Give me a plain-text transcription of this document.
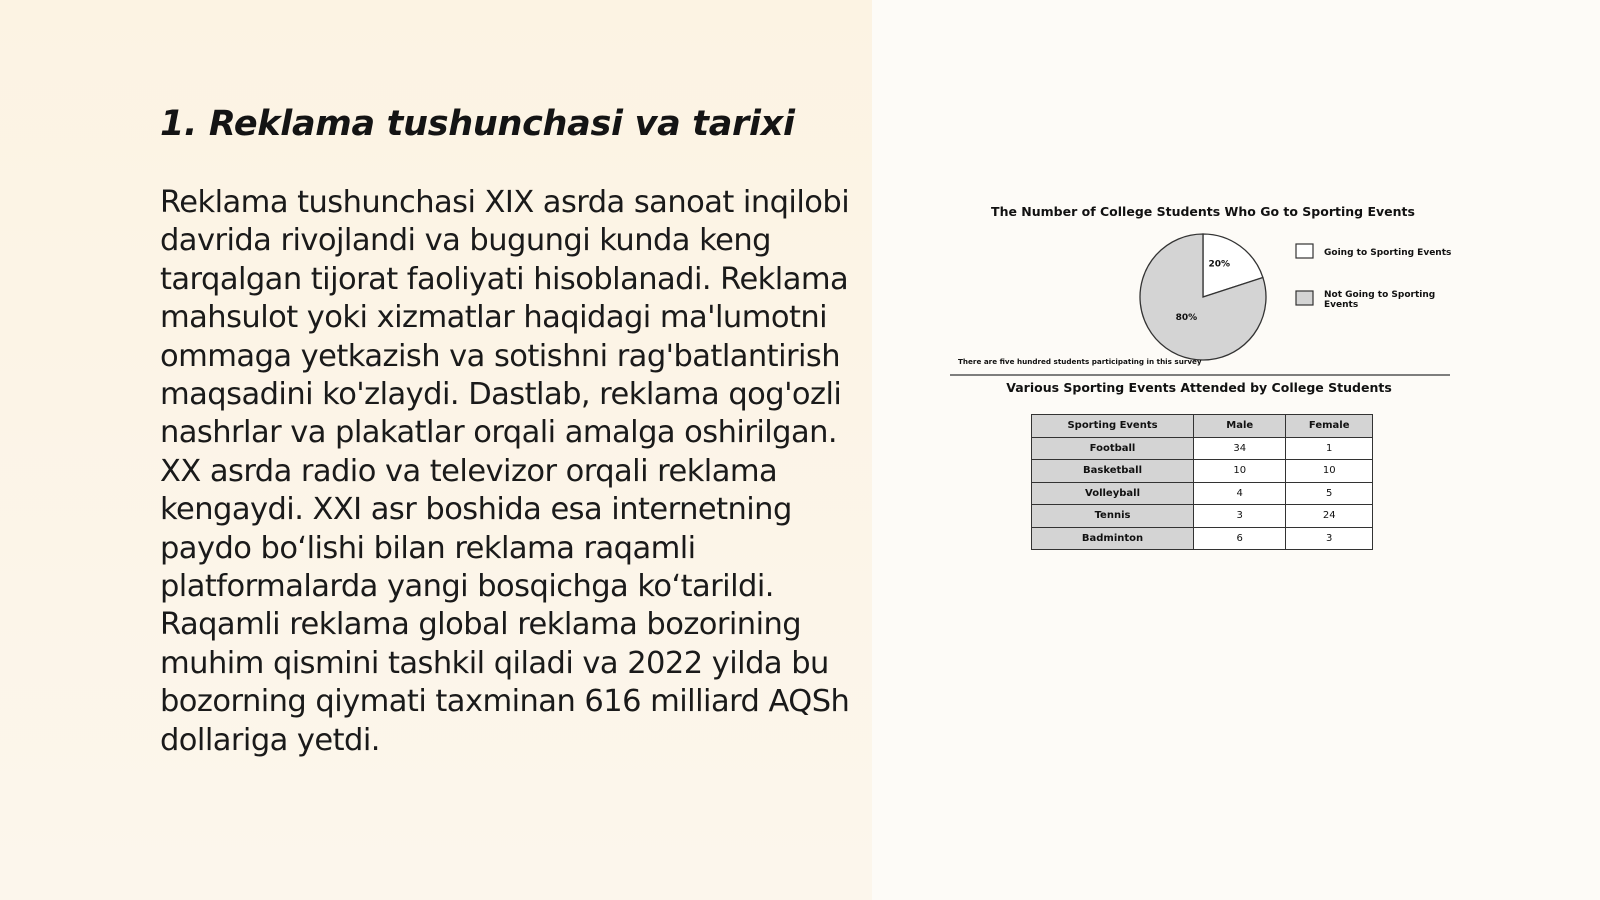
1. Reklama tushunchasi va tarixi

Reklama tushunchasi XIX asrda sanoat inqilobi davrida rivojlandi va bugungi kunda keng tarqalgan tijorat faoliyati hisoblanadi. Reklama mahsulot yoki xizmatlar haqidagi ma'lumotni ommaga yetkazish va sotishni rag'batlantirish maqsadini ko'zlaydi. Dastlab, reklama qog'ozli nashrlar va plakatlar orqali amalga oshirilgan. XX asrda radio va televizor orqali reklama kengaydi. XXI asr boshida esa internetning paydo bo‘lishi bilan reklama raqamli platformalarda yangi bosqichga ko‘tarildi. Raqamli reklama global reklama bozorining muhim qismini tashkil qiladi va 2022 yilda bu bozorning qiymati taxminan 616 milliard AQSh dollariga yetdi.

The Number of College Students Who Go to Sporting Events
20%
80%
Going to Sporting Events
Not Going to Sporting Events
There are five hundred students participating in this survey
Various Sporting Events Attended by College Students
Sporting Events	Male	Female
Football	34	1
Basketball	10	10
Volleyball	4	5
Tennis	3	24
Badminton	6	3
